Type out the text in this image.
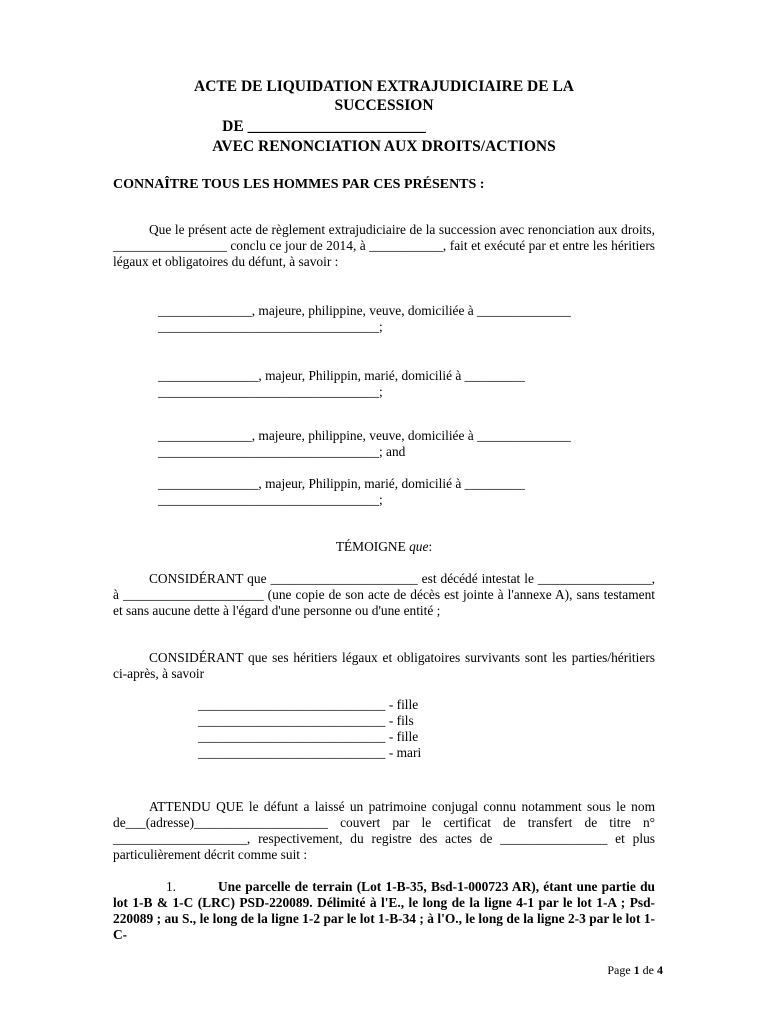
ACTE DE LIQUIDATION EXTRAJUDICIAIRE DE LA
SUCCESSION
DE _______________________
AVEC RENONCIATION AUX DROITS/ACTIONS
CONNAÎTRE TOUS LES HOMMES PAR CES PRÉSENTS :
Que le présent acte de règlement extrajudiciaire de la succession avec renonciation aux droits, _________________ conclu ce jour de 2014, à ___________, fait et exécuté par et entre les héritiers légaux et obligatoires du défunt, à savoir :
______________, majeure, philippine, veuve, domiciliée à ______________
_________________________________;
_______________, majeur, Philippin, marié, domicilié à _________
_________________________________;
______________, majeure, philippine, veuve, domiciliée à ______________
_________________________________; and
_______________, majeur, Philippin, marié, domicilié à _________
_________________________________;
TÉMOIGNE que:
CONSIDÉRANT que ______________________ est décédé intestat le _________________, à _____________________ (une copie de son acte de décès est jointe à l'annexe A), sans testament et sans aucune dette à l'égard d'une personne ou d'une entité ;
CONSIDÉRANT que ses héritiers légaux et obligatoires survivants sont les parties/héritiers ci-après, à savoir
____________________________ - fille
____________________________ - fils
____________________________ - fille
____________________________ - mari
ATTENDU QUE le défunt a laissé un patrimoine conjugal connu notamment sous le nom de___(adresse)____________________ couvert par le certificat de transfert de titre n° ____________________, respectivement, du registre des actes de ________________ et plus particulièrement décrit comme suit :
1.	Une parcelle de terrain (Lot 1-B-35, Bsd-1-000723 AR), étant une partie du lot 1-B & 1-C (LRC) PSD-220089. Délimité à l'E., le long de la ligne 4-1 par le lot 1-A ; Psd-220089 ; au S., le long de la ligne 1-2 par le lot 1-B-34 ; à l'O., le long de la ligne 2-3 par le lot 1-C-
Page 1 de 4
